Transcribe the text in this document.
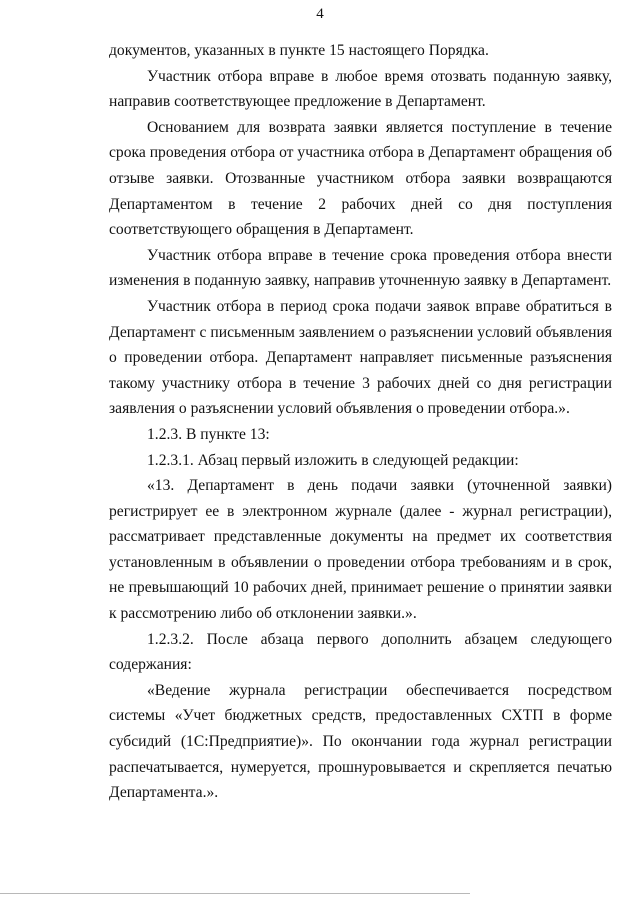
4

документов, указанных в пункте 15 настоящего Порядка.

Участник отбора вправе в любое время отозвать поданную заявку, направив соответствующее предложение в Департамент.

Основанием для возврата заявки является поступление в течение срока проведения отбора от участника отбора в Департамент обращения об отзыве заявки. Отозванные участником отбора заявки возвращаются Департаментом в течение 2 рабочих дней со дня поступления соответствующего обращения в Департамент.

Участник отбора вправе в течение срока проведения отбора внести изменения в поданную заявку, направив уточненную заявку в Департамент.

Участник отбора в период срока подачи заявок вправе обратиться в Департамент с письменным заявлением о разъяснении условий объявления о проведении отбора. Департамент направляет письменные разъяснения такому участнику отбора в течение 3 рабочих дней со дня регистрации заявления о разъяснении условий объявления о проведении отбора.».

1.2.3. В пункте 13:

1.2.3.1. Абзац первый изложить в следующей редакции:

«13. Департамент в день подачи заявки (уточненной заявки) регистрирует ее в электронном журнале (далее - журнал регистрации), рассматривает представленные документы на предмет их соответствия установленным в объявлении о проведении отбора требованиям и в срок, не превышающий 10 рабочих дней, принимает решение о принятии заявки к рассмотрению либо об отклонении заявки.».

1.2.3.2. После абзаца первого дополнить абзацем следующего содержания:

«Ведение журнала регистрации обеспечивается посредством системы «Учет бюджетных средств, предоставленных СХТП в форме субсидий (1С:Предприятие)». По окончании года журнал регистрации распечатывается, нумеруется, прошнуровывается и скрепляется печатью Департамента.».
